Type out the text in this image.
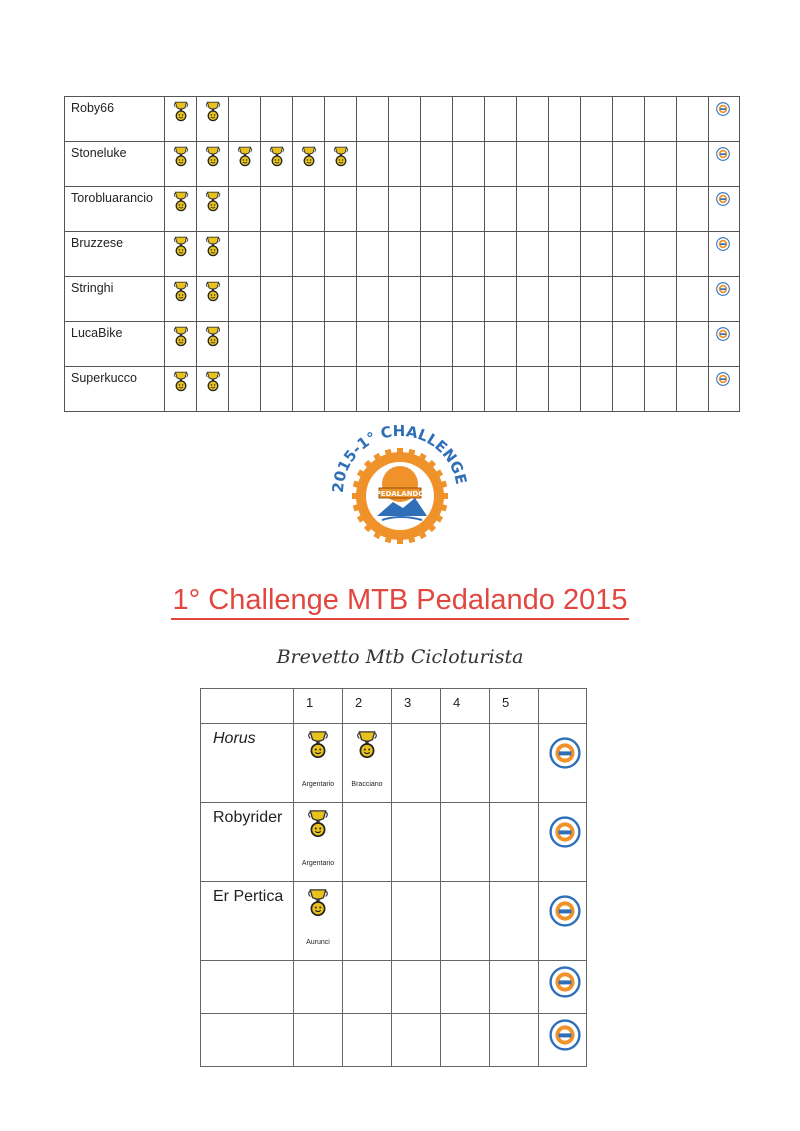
Roby66	

Stoneluke	

Torobluarancio	

Bruzzese	

Stringhi	

LucaBike	

Superkucco	

PEDALANDO
2015-1° CHALLENGE
1° Challenge MTB Pedalando 2015
Brevetto Mtb Cicloturista

	1	2	3	4	5	

Horus	Argentario	Bracciano

Robyrider	Argentario

Er Pertica	Aurunci
